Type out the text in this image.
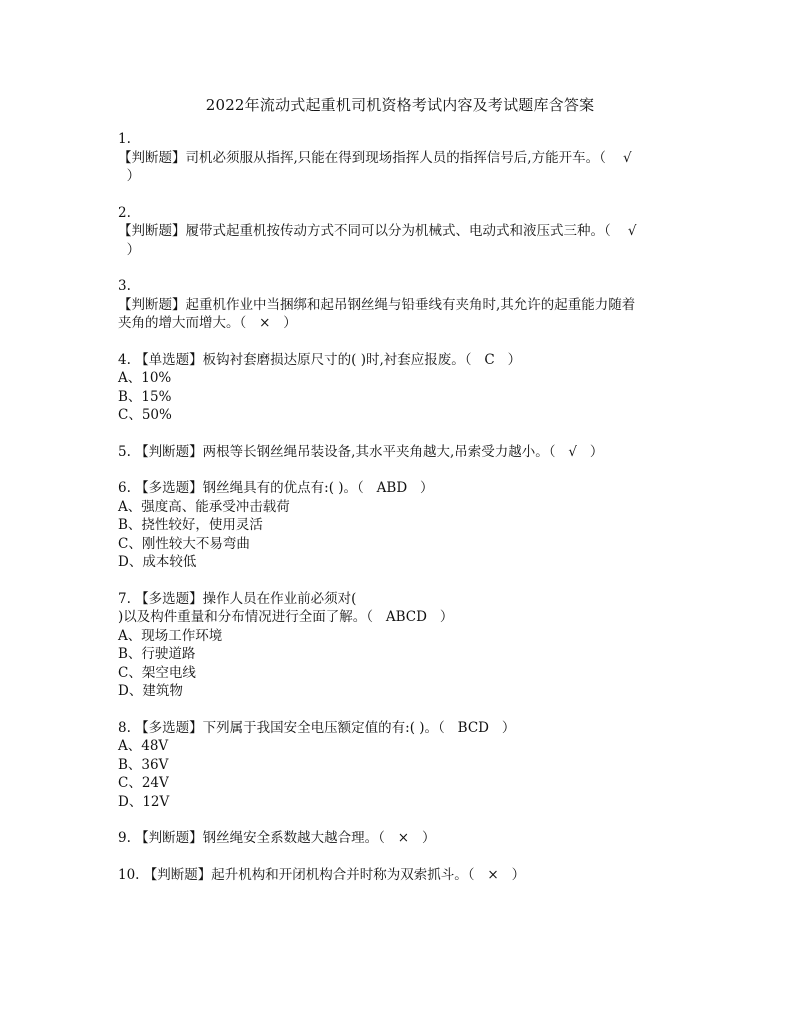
2022年流动式起重机司机资格考试内容及考试题库含答案
1.
【判断题】司机必须服从指挥,只能在得到现场指挥人员的指挥信号后,方能开车。（    √
）
2.
【判断题】履带式起重机按传动方式不同可以分为机械式、电动式和液压式三种。（    √
）
3.
【判断题】起重机作业中当捆绑和起吊钢丝绳与铅垂线有夹角时,其允许的起重能力随着
夹角的增大而增大。（   ×   ）
4. 【单选题】板钩衬套磨损达原尺寸的( )时,衬套应报废。（   C   ）
A、10%
B、15%
C、50%
5. 【判断题】两根等长钢丝绳吊装设备,其水平夹角越大,吊索受力越小。（   √   ）
6. 【多选题】钢丝绳具有的优点有:( )。（   ABD   ）
A、强度高、能承受冲击载荷
B、挠性较好，使用灵活
C、刚性较大不易弯曲
D、成本较低
7. 【多选题】操作人员在作业前必须对(
)以及构件重量和分布情况进行全面了解。（   ABCD   ）
A、现场工作环境
B、行驶道路
C、架空电线
D、建筑物
8. 【多选题】下列属于我国安全电压额定值的有:( )。（   BCD   ）
A、48V
B、36V
C、24V
D、12V
9. 【判断题】钢丝绳安全系数越大越合理。（   ×   ）
10. 【判断题】起升机构和开闭机构合并时称为双索抓斗。（   ×   ）
